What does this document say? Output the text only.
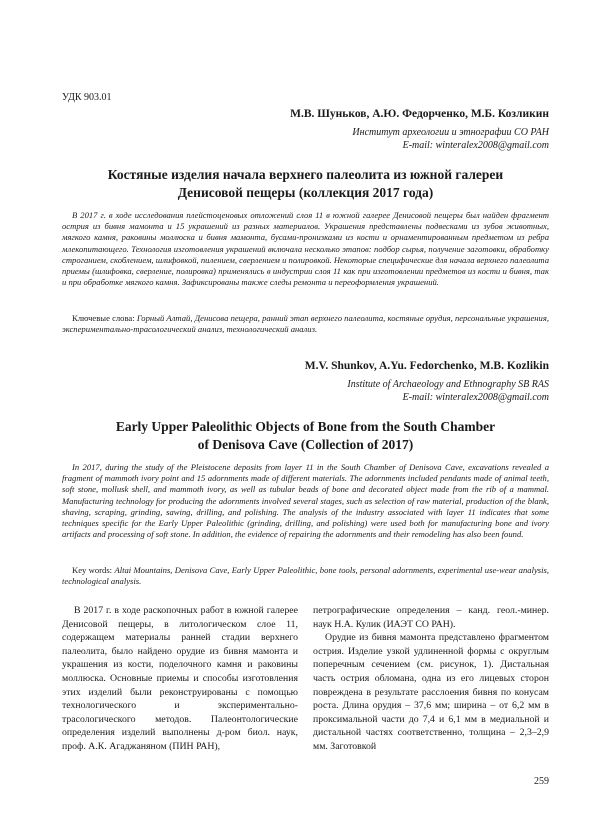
УДК 903.01
М.В. Шуньков, А.Ю. Федорченко, М.Б. Козликин
Институт археологии и этнографии СО РАН
E-mail: winteralex2008@gmail.com
Костяные изделия начала верхнего палеолита из южной галереи
Денисовой пещеры (коллекция 2017 года)
В 2017 г. в ходе исследования плейстоценовых отложений слоя 11 в южной галерее Денисовой пещеры был найден фрагмент острия из бивня мамонта и 15 украшений из разных материалов. Украшения представлены подвесками из зубов животных, мягкого камня, раковины моллюска и бивня мамонта, бусами-пронизками из кости и орнаментированным предметом из ребра млекопитающего. Технология изготовления украшений включала несколько этапов: подбор сырья, получение заготовки, обработку строганием, скоблением, шлифовкой, пилением, сверлением и полировкой. Некоторые специфические для начала верхнего палеолита приемы (шлифовка, сверление, полировка) применялись в индустрии слоя 11 как при изготовлении предметов из кости и бивня, так и при обработке мягкого камня. Зафиксированы также следы ремонта и переоформления украшений.
Ключевые слова: Горный Алтай, Денисова пещера, ранний этап верхнего палеолита, костяные орудия, персональные украшения, экспериментально-трасологический анализ, технологический анализ.
M.V. Shunkov, A.Yu. Fedorchenko, M.B. Kozlikin
Institute of Archaeology and Ethnography SB RAS
E-mail: winteralex2008@gmail.com
Early Upper Paleolithic Objects of Bone from the South Chamber
of Denisova Cave (Collection of 2017)
In 2017, during the study of the Pleistocene deposits from layer 11 in the South Chamber of Denisova Cave, excavations revealed a fragment of mammoth ivory point and 15 adornments made of different materials. The adornments included pendants made of animal teeth, soft stone, mollusk shell, and mammoth ivory, as well as tubular beads of bone and decorated object made from the rib of a mammal. Manufacturing technology for producing the adornments involved several stages, such as selection of raw material, production of the blank, shaving, scraping, grinding, sawing, drilling, and polishing. The analysis of the industry associated with layer 11 indicates that some techniques specific for the Early Upper Paleolithic (grinding, drilling, and polishing) were used both for manufacturing bone and ivory artifacts and processing of soft stone. In addition, the evidence of repairing the adornments and their remodeling has also been found.
Key words: Altai Mountains, Denisova Cave, Early Upper Paleolithic, bone tools, personal adornments, experimental use-wear analysis, technological analysis.

В 2017 г. в ходе раскопочных работ в южной галерее Денисовой пещеры, в литологическом слое 11, содержащем материалы ранней стадии верхнего палеолита, было найдено орудие из бивня мамонта и украшения из кости, поделочного камня и раковины моллюска. Основные приемы и способы изготовления этих изделий были реконструированы с помощью технологического и экспериментально-трасологического методов. Палеонтологические определения изделий выполнены д-ром биол. наук, проф. А.К. Агаджаняном (ПИН РАН),

петрографические определения – канд. геол.-минер. наук Н.А. Кулик (ИАЭТ СО РАН).

Орудие из бивня мамонта представлено фрагментом острия. Изделие узкой удлиненной формы с округлым поперечным сечением (см. рисунок, 1). Дистальная часть острия обломана, одна из его лицевых сторон повреждена в результате расслоения бивня по конусам роста. Длина орудия – 37,6 мм; ширина – от 6,2 мм в проксимальной части до 7,4 и 6,1 мм в медиальной и дистальной частях соответственно, толщина – 2,3–2,9 мм. Заготовкой

259
